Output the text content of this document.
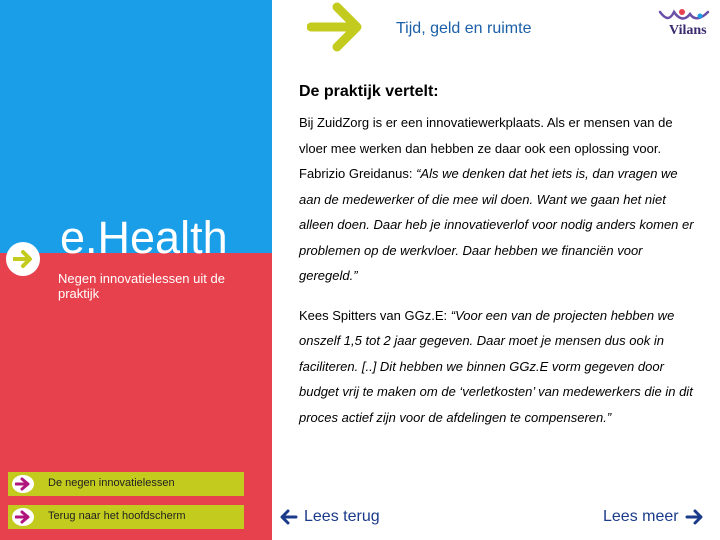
e.Health
Negen innovatielessen uit de praktijk
Tijd, geld en ruimte	Vilans

De praktijk vertelt:

Bij ZuidZorg is er een innovatiewerkplaats. Als er mensen van de vloer mee werken dan hebben ze daar ook een oplossing voor. Fabrizio Greidanus: “Als we denken dat het iets is, dan vragen we aan de medewerker of die mee wil doen. Want we gaan het niet alleen doen. Daar heb je innovatieverlof voor nodig anders komen er problemen op de werkvloer. Daar hebben we financiën voor geregeld.”

Kees Spitters van GGz.E: “Voor een van de projecten hebben we onszelf 1,5 tot 2 jaar gegeven. Daar moet je mensen dus ook in faciliteren. [..] Dit hebben we binnen GGz.E vorm gegeven door budget vrij te maken om de ‘verletkosten’ van medewerkers die in dit proces actief zijn voor de afdelingen te compenseren.”

De negen innovatielessen
Terug naar het hoofdscherm	Lees terug	Lees meer
